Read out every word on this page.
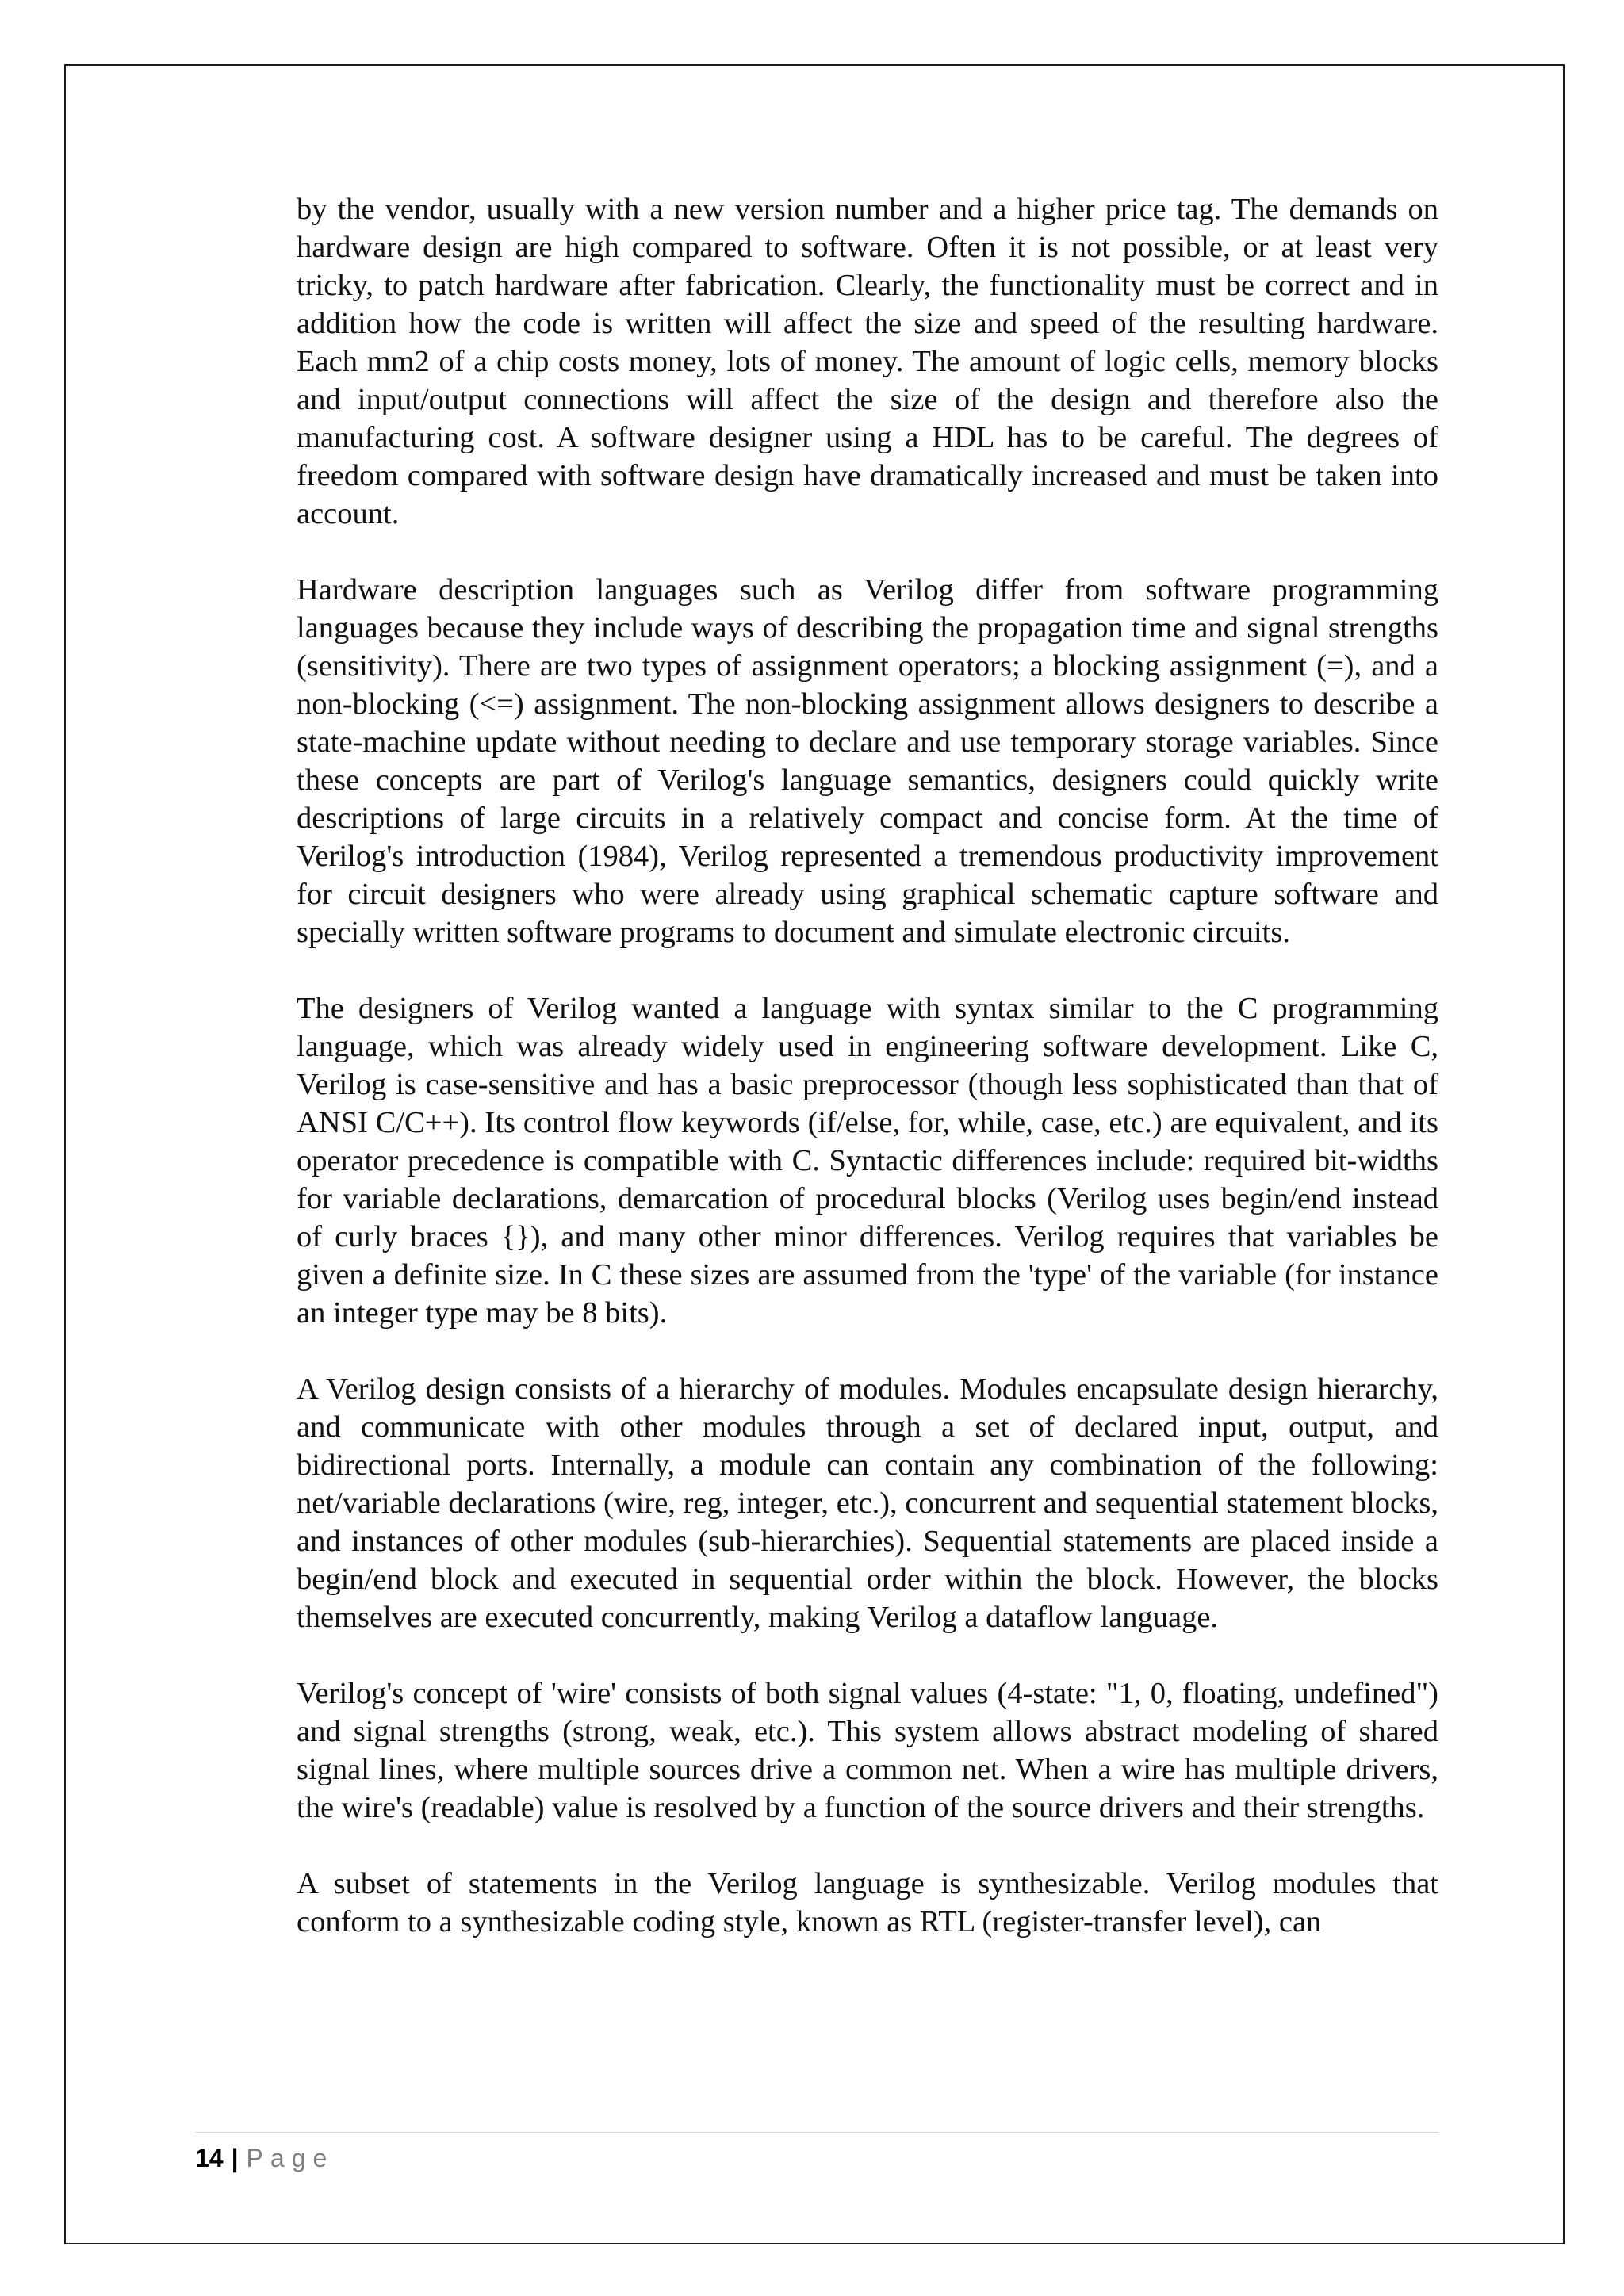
by the vendor, usually with a new version number and a higher price tag. The demands on hardware design are high compared to software. Often it is not possible, or at least very tricky, to patch hardware after fabrication. Clearly, the functionality must be correct and in addition how the code is written will affect the size and speed of the resulting hardware. Each mm2 of a chip costs money, lots of money. The amount of logic cells, memory blocks and input/output connections will affect the size of the design and therefore also the manufacturing cost. A software designer using a HDL has to be careful. The degrees of freedom compared with software design have dramatically increased and must be taken into account.

Hardware description languages such as Verilog differ from software programming languages because they include ways of describing the propagation time and signal strengths (sensitivity). There are two types of assignment operators; a blocking assignment (=), and a non-blocking (<=) assignment. The non-blocking assignment allows designers to describe a state-machine update without needing to declare and use temporary storage variables. Since these concepts are part of Verilog's language semantics, designers could quickly write descriptions of large circuits in a relatively compact and concise form. At the time of Verilog's introduction (1984), Verilog represented a tremendous productivity improvement for circuit designers who were already using graphical schematic capture software and specially written software programs to document and simulate electronic circuits.

The designers of Verilog wanted a language with syntax similar to the C programming language, which was already widely used in engineering software development. Like C, Verilog is case-sensitive and has a basic preprocessor (though less sophisticated than that of ANSI C/C++). Its control flow keywords (if/else, for, while, case, etc.) are equivalent, and its operator precedence is compatible with C. Syntactic differences include: required bit-widths for variable declarations, demarcation of procedural blocks (Verilog uses begin/end instead of curly braces {}), and many other minor differences. Verilog requires that variables be given a definite size. In C these sizes are assumed from the 'type' of the variable (for instance an integer type may be 8 bits).

A Verilog design consists of a hierarchy of modules. Modules encapsulate design hierarchy, and communicate with other modules through a set of declared input, output, and bidirectional ports. Internally, a module can contain any combination of the following: net/variable declarations (wire, reg, integer, etc.), concurrent and sequential statement blocks, and instances of other modules (sub-hierarchies). Sequential statements are placed inside a begin/end block and executed in sequential order within the block. However, the blocks themselves are executed concurrently, making Verilog a dataflow language.

Verilog's concept of 'wire' consists of both signal values (4-state: "1, 0, floating, undefined") and signal strengths (strong, weak, etc.). This system allows abstract modeling of shared signal lines, where multiple sources drive a common net. When a wire has multiple drivers, the wire's (readable) value is resolved by a function of the source drivers and their strengths.

A subset of statements in the Verilog language is synthesizable. Verilog modules that conform to a synthesizable coding style, known as RTL (register-transfer level), can

14 | Page
